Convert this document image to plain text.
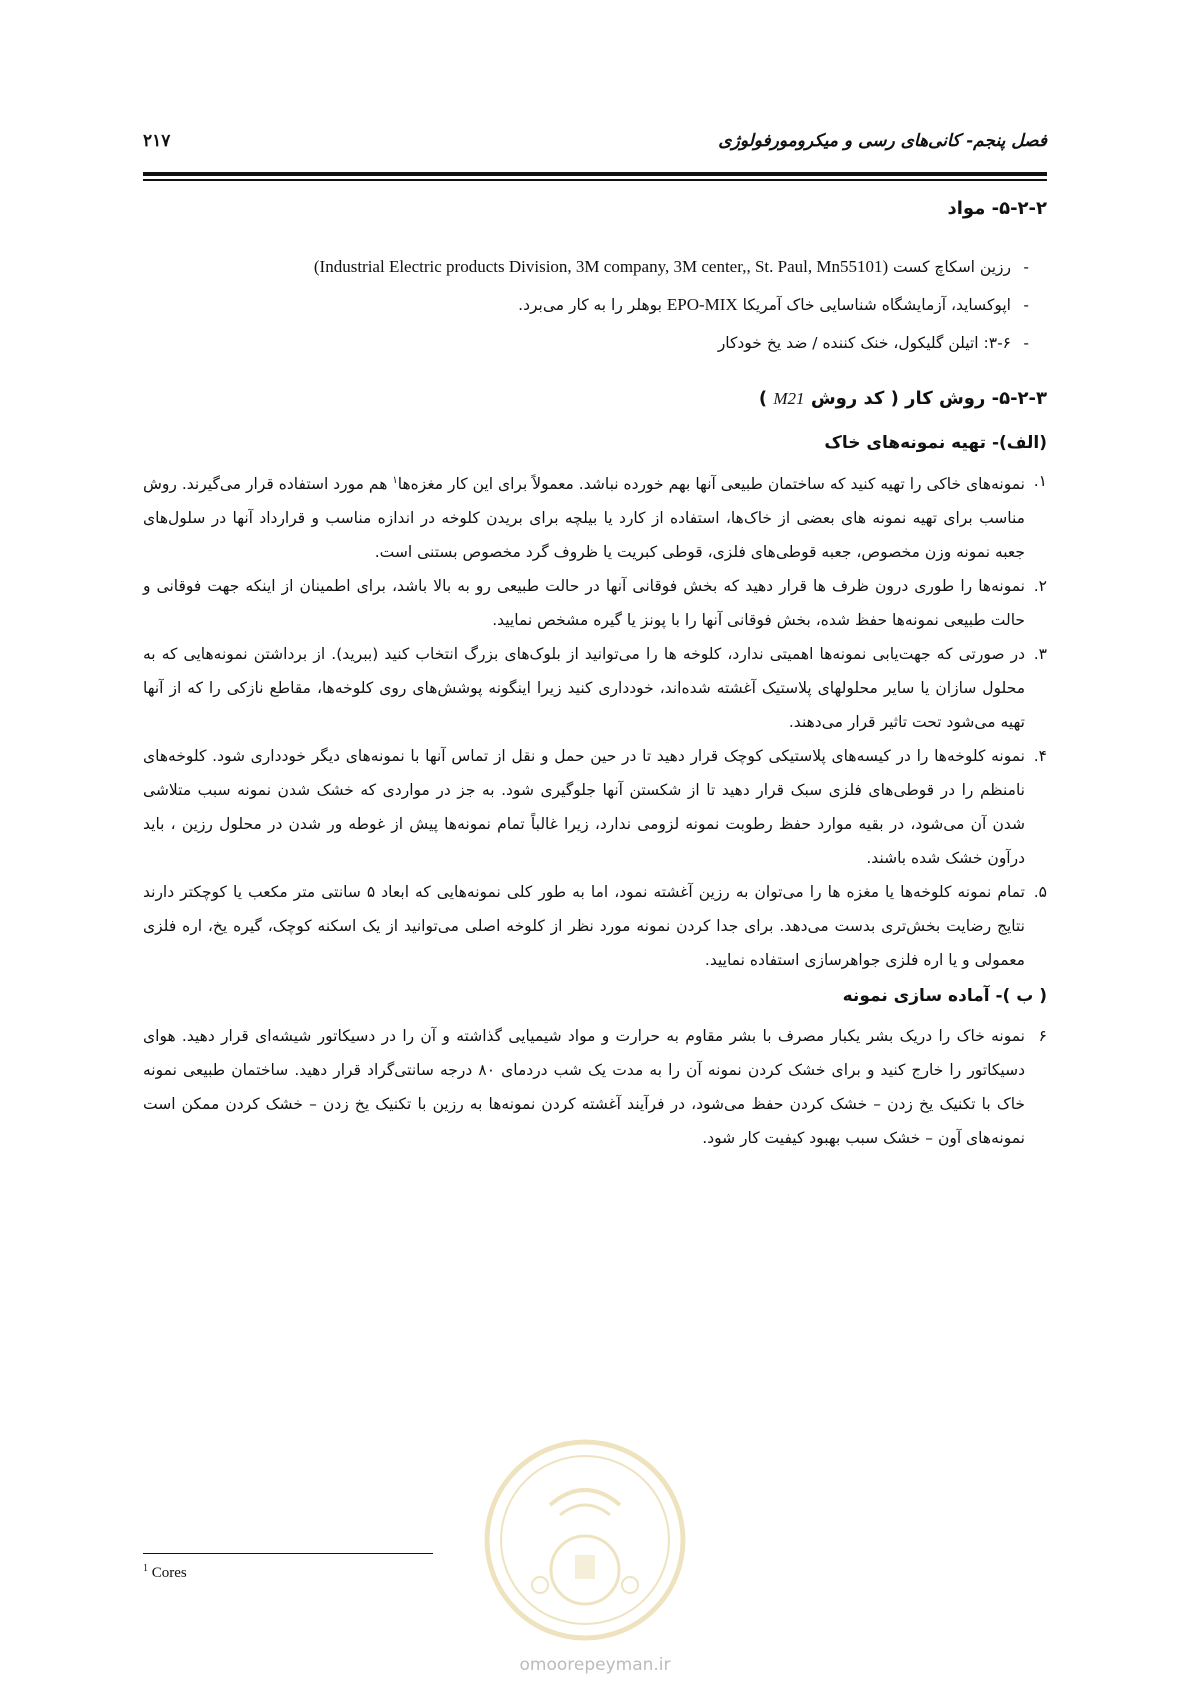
فصل پنجم- کانی‌های رسی و میکرومورفولوژی
۲۱۷
۵-۲-۲- مواد
- رزین اسکاچ کست (Industrial Electric products Division, 3M company, 3M center,, St. Paul, Mn55101)
- اپوکساید، آزمایشگاه شناسایی خاک آمریکا EPO-MIX بوهلر را به کار می‌برد.
- ۳-۶: اتیلن گلیکول، خنک کننده / ضد یخ خودکار
۵-۲-۳- روش کار ( کد روش M21 )
(الف)- تهیه نمونه‌های خاک
۱.
نمونه‌های خاکی را تهیه کنید که ساختمان طبیعی آنها بهم خورده نباشد. معمولاً برای این کار مغزه‌ها$^۱$ هم مورد استفاده قرار می‌گیرند. روش مناسب برای تهیه نمونه های بعضی از خاک‌ها، استفاده از کارد یا بیلچه برای بریدن کلوخه در اندازه مناسب و قرارداد آنها در سلول‌های جعبه نمونه وزن مخصوص، جعبه قوطی‌های فلزی، قوطی کبریت یا ظروف گرد مخصوص بستنی است.
۲.
نمونه‌ها را طوری درون ظرف ها قرار دهید که بخش فوقانی آنها در حالت طبیعی رو به بالا باشد، برای اطمینان از اینکه جهت فوقانی و حالت طبیعی نمونه‌ها حفظ شده، بخش فوقانی آنها را با پونز یا گیره مشخص نمایید.
۳.
در صورتی که جهت‌یابی نمونه‌ها اهمیتی ندارد، کلوخه ها را می‌توانید از بلوک‌های بزرگ انتخاب کنید (ببرید). از برداشتن نمونه‌هایی که به محلول سازان یا سایر محلولهای پلاستیک آغشته شده‌اند، خودداری کنید زیرا اینگونه پوشش‌های روی کلوخه‌ها، مقاطع نازکی را که از آنها تهیه می‌شود تحت تاثیر قرار می‌دهند.
۴.
نمونه کلوخه‌ها را در کیسه‌های پلاستیکی کوچک قرار دهید تا در حین حمل و نقل از تماس آنها با نمونه‌های دیگر خودداری شود. کلوخه‌های نامنظم را در قوطی‌های فلزی سبک قرار دهید تا از شکستن آنها جلوگیری شود. به جز در مواردی که خشک شدن نمونه سبب متلاشی شدن آن می‌شود، در بقیه موارد حفظ رطوبت نمونه لزومی ندارد، زیرا غالباً تمام نمونه‌ها پیش از غوطه ور شدن در محلول رزین ، باید درآون خشک شده باشند.
۵.
تمام نمونه کلوخه‌ها یا مغزه ها را می‌توان به رزین آغشته نمود، اما به طور کلی نمونه‌هایی که ابعاد ۵ سانتی متر مکعب یا کوچکتر دارند نتایج رضایت بخش‌تری بدست می‌دهد. برای جدا کردن نمونه مورد نظر از کلوخه اصلی می‌توانید از یک اسکنه کوچک، گیره یخ، اره فلزی معمولی و یا اره فلزی جواهرسازی استفاده نمایید.
( ب )- آماده سازی نمونه
۶
نمونه خاک را دریک بشر یکبار مصرف با بشر مقاوم به حرارت و مواد شیمیایی گذاشته و آن را در دسیکاتور شیشه‌ای قرار دهید. هوای دسیکاتور را خارج کنید و برای خشک کردن نمونه آن را به مدت یک شب دردمای ۸۰ درجه سانتی‌گراد قرار دهید. ساختمان طبیعی نمونه خاک با تکنیک یخ زدن – خشک کردن حفظ می‌شود، در فرآیند آغشته کردن نمونه‌ها به رزین با تکنیک یخ زدن – خشک کردن ممکن است نمونه‌های آون – خشک سبب بهبود کیفیت کار شود.
$^1$ Cores
omoorepeyman.ir
